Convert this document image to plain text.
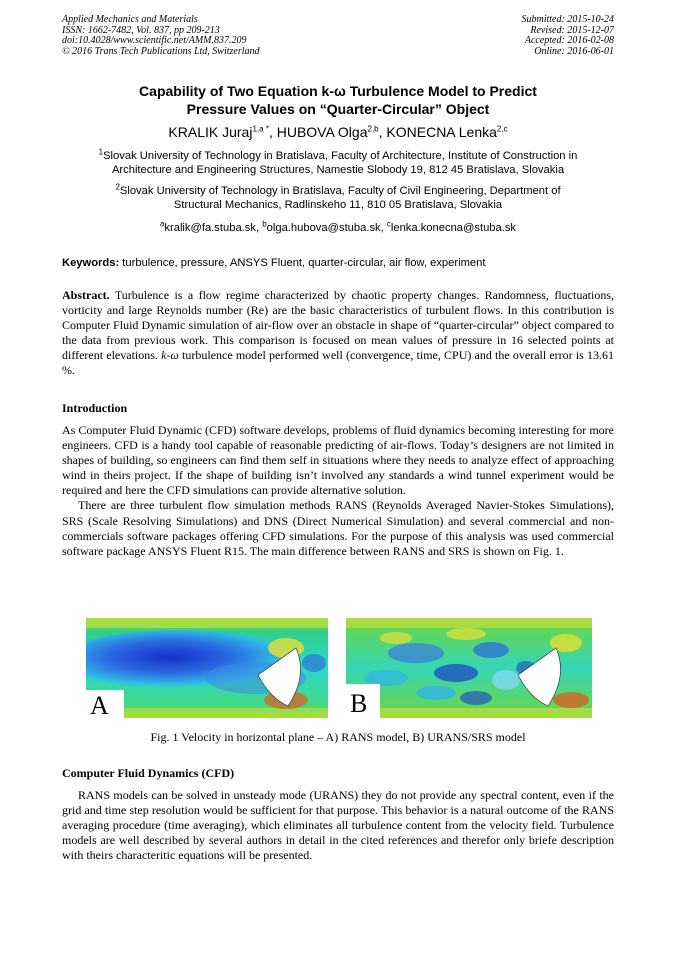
Applied Mechanics and Materials
ISSN: 1662-7482, Vol. 837, pp 209-213
doi:10.4028/www.scientific.net/AMM.837.209
© 2016 Trans Tech Publications Ltd, Switzerland
Submitted: 2015-10-24
Revised: 2015-12-07
Accepted: 2016-02-08
Online: 2016-06-01
Capability of Two Equation k-ω Turbulence Model to Predict
Pressure Values on “Quarter-Circular” Object
KRALIK Juraj$^{1,a *}$, HUBOVA Olga$^{2,b}$, KONECNA Lenka$^{2,c}$
$^1$Slovak University of Technology in Bratislava, Faculty of Architecture, Institute of Construction in
Architecture and Engineering Structures, Namestie Slobody 19, 812 45 Bratislava, Slovakia
$^2$Slovak University of Technology in Bratislava, Faculty of Civil Engineering, Department of
Structural Mechanics, Radlinskeho 11, 810 05 Bratislava, Slovakia
$^a$kralik@fa.stuba.sk, $^b$olga.hubova@stuba.sk, $^c$lenka.konecna@stuba.sk
Keywords: turbulence, pressure, ANSYS Fluent, quarter-circular, air flow, experiment

Abstract. Turbulence is a flow regime characterized by chaotic property changes. Randomness, fluctuations, vorticity and large Reynolds number (Re) are the basic characteristics of turbulent flows. In this contribution is Computer Fluid Dynamic simulation of air-flow over an obstacle in shape of “quarter-circular” object compared to the data from previous work. This comparison is focused on mean values of pressure in 16 selected points at different elevations. k-ω turbulence model performed well (convergence, time, CPU) and the overall error is 13.61 %.

Introduction

As Computer Fluid Dynamic (CFD) software develops, problems of fluid dynamics becoming interesting for more engineers. CFD is a handy tool capable of reasonable predicting of air-flows. Today’s designers are not limited in shapes of building, so engineers can find them self in situations where they needs to analyze effect of approaching wind in theirs project. If the shape of building isn’t involved any standards a wind tunnel experiment would be required and here the CFD simulations can provide alternative solution.

There are three turbulent flow simulation methods RANS (Reynolds Averaged Navier-Stokes Simulations), SRS (Scale Resolving Simulations) and DNS (Direct Numerical Simulation) and several commercial and non-commercials software packages offering CFD simulations. For the purpose of this analysis was used commercial software package ANSYS Fluent R15. The main difference between RANS and SRS is shown on Fig. 1.

A	B
Fig. 1 Velocity in horizontal plane – A) RANS model, B) URANS/SRS model
Computer Fluid Dynamics (CFD)

RANS models can be solved in unsteady mode (URANS) they do not provide any spectral content, even if the grid and time step resolution would be sufficient for that purpose. This behavior is a natural outcome of the RANS averaging procedure (time averaging), which eliminates all turbulence content from the velocity field. Turbulence models are well described by several authors in detail in the cited references and therefor only briefe description with theirs characteritic equations will be presented.
